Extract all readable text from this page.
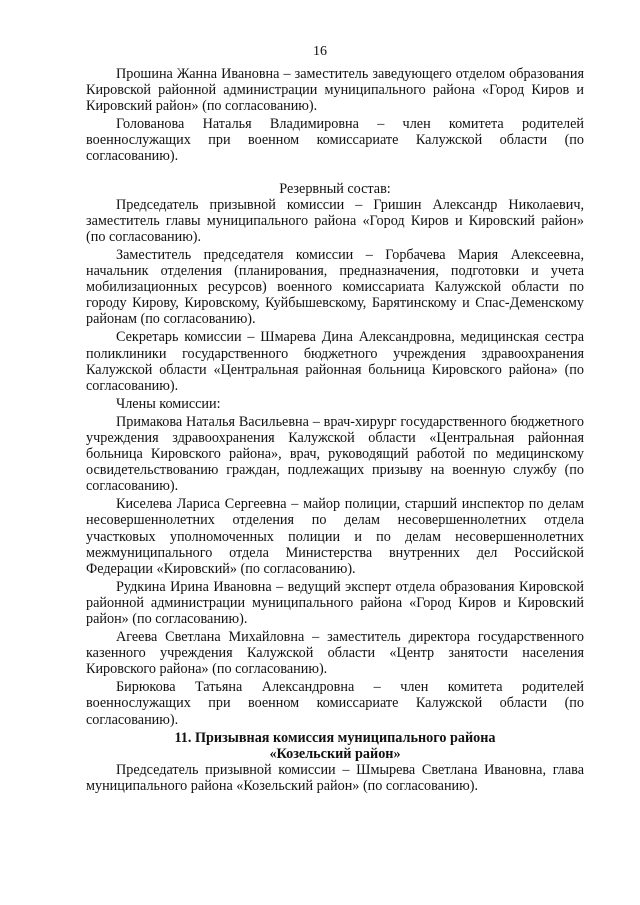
16

Прошина Жанна Ивановна – заместитель заведующего отделом образования Кировской районной администрации муниципального района «Город Киров и Кировский район» (по согласованию).

Голованова Наталья Владимировна – член комитета родителей военнослужащих при военном комиссариате Калужской области (по согласованию).

Резервный состав:

Председатель призывной комиссии – Гришин Александр Николаевич, заместитель главы муниципального района «Город Киров и Кировский район» (по согласованию).

Заместитель председателя комиссии – Горбачева Мария Алексеевна, начальник отделения (планирования, предназначения, подготовки и учета мобилизационных ресурсов) военного комиссариата Калужской области по городу Кирову, Кировскому, Куйбышевскому, Барятинскому и Спас-Деменскому районам (по согласованию).

Секретарь комиссии – Шмарева Дина Александровна, медицинская сестра поликлиники государственного бюджетного учреждения здравоохранения Калужской области «Центральная районная больница Кировского района» (по согласованию).

Члены комиссии:

Примакова Наталья Васильевна – врач-хирург государственного бюджетного учреждения здравоохранения Калужской области «Центральная районная больница Кировского района», врач, руководящий работой по медицинскому освидетельствованию граждан, подлежащих призыву на военную службу (по согласованию).

Киселева Лариса Сергеевна – майор полиции, старший инспектор по делам несовершеннолетних отделения по делам несовершеннолетних отдела участковых уполномоченных полиции и по делам несовершеннолетних межмуниципального отдела Министерства внутренних дел Российской Федерации «Кировский» (по согласованию).

Рудкина Ирина Ивановна – ведущий эксперт отдела образования Кировской районной администрации муниципального района «Город Киров и Кировский район» (по согласованию).

Агеева Светлана Михайловна – заместитель директора государственного казенного учреждения Калужской области «Центр занятости населения Кировского района» (по согласованию).

Бирюкова Татьяна Александровна – член комитета родителей военнослужащих при военном комиссариате Калужской области (по согласованию).

11. Призывная комиссия муниципального района

«Козельский район»

Председатель призывной комиссии – Шмырева Светлана Ивановна, глава муниципального района «Козельский район» (по согласованию).
